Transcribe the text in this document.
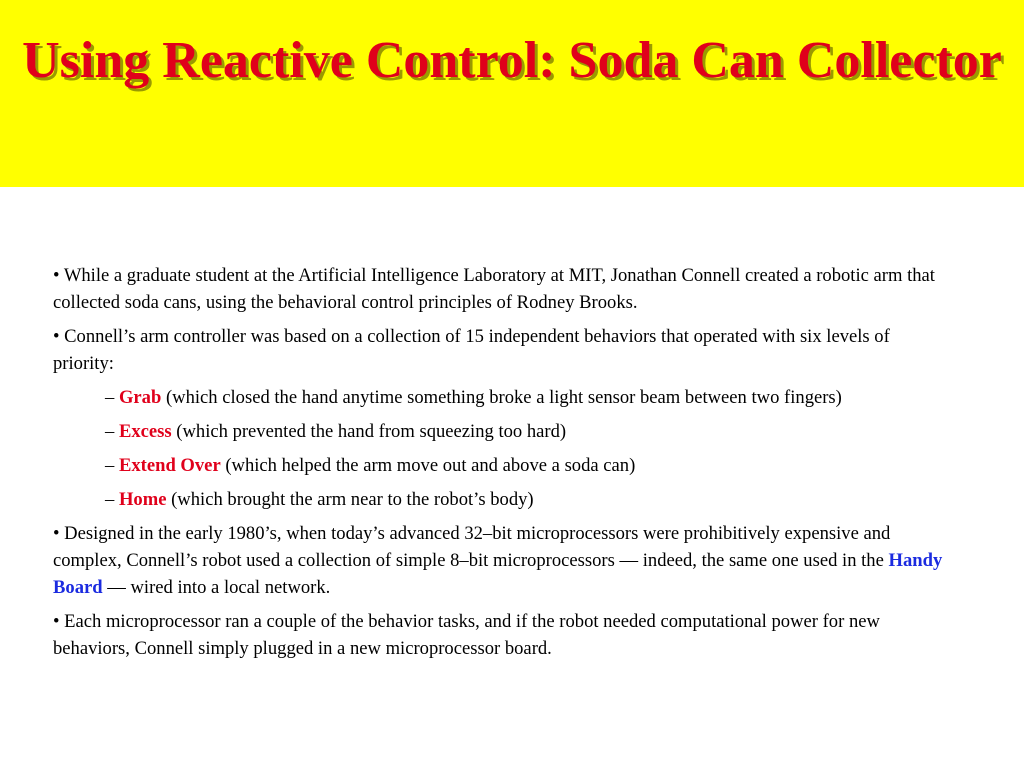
Using Reactive Control: Soda Can Collector

• While a graduate student at the Artificial Intelligence Laboratory at MIT, Jonathan Connell created a robotic arm that collected soda cans, using the behavioral control principles of Rodney Brooks.

• Connell’s arm controller was based on a collection of 15 independent behaviors that operated with six levels of priority:

– Grab (which closed the hand anytime something broke a light sensor beam between two fingers)

– Excess (which prevented the hand from squeezing too hard)

– Extend Over (which helped the arm move out and above a soda can)

– Home (which brought the arm near to the robot’s body)

• Designed in the early 1980’s, when today’s advanced 32–bit microprocessors were prohibitively expensive and complex, Connell’s robot used a collection of simple 8–bit microprocessors — indeed, the same one used in the Handy Board — wired into a local network.

• Each microprocessor ran a couple of the behavior tasks, and if the robot needed computational power for new behaviors, Connell simply plugged in a new microprocessor board.
